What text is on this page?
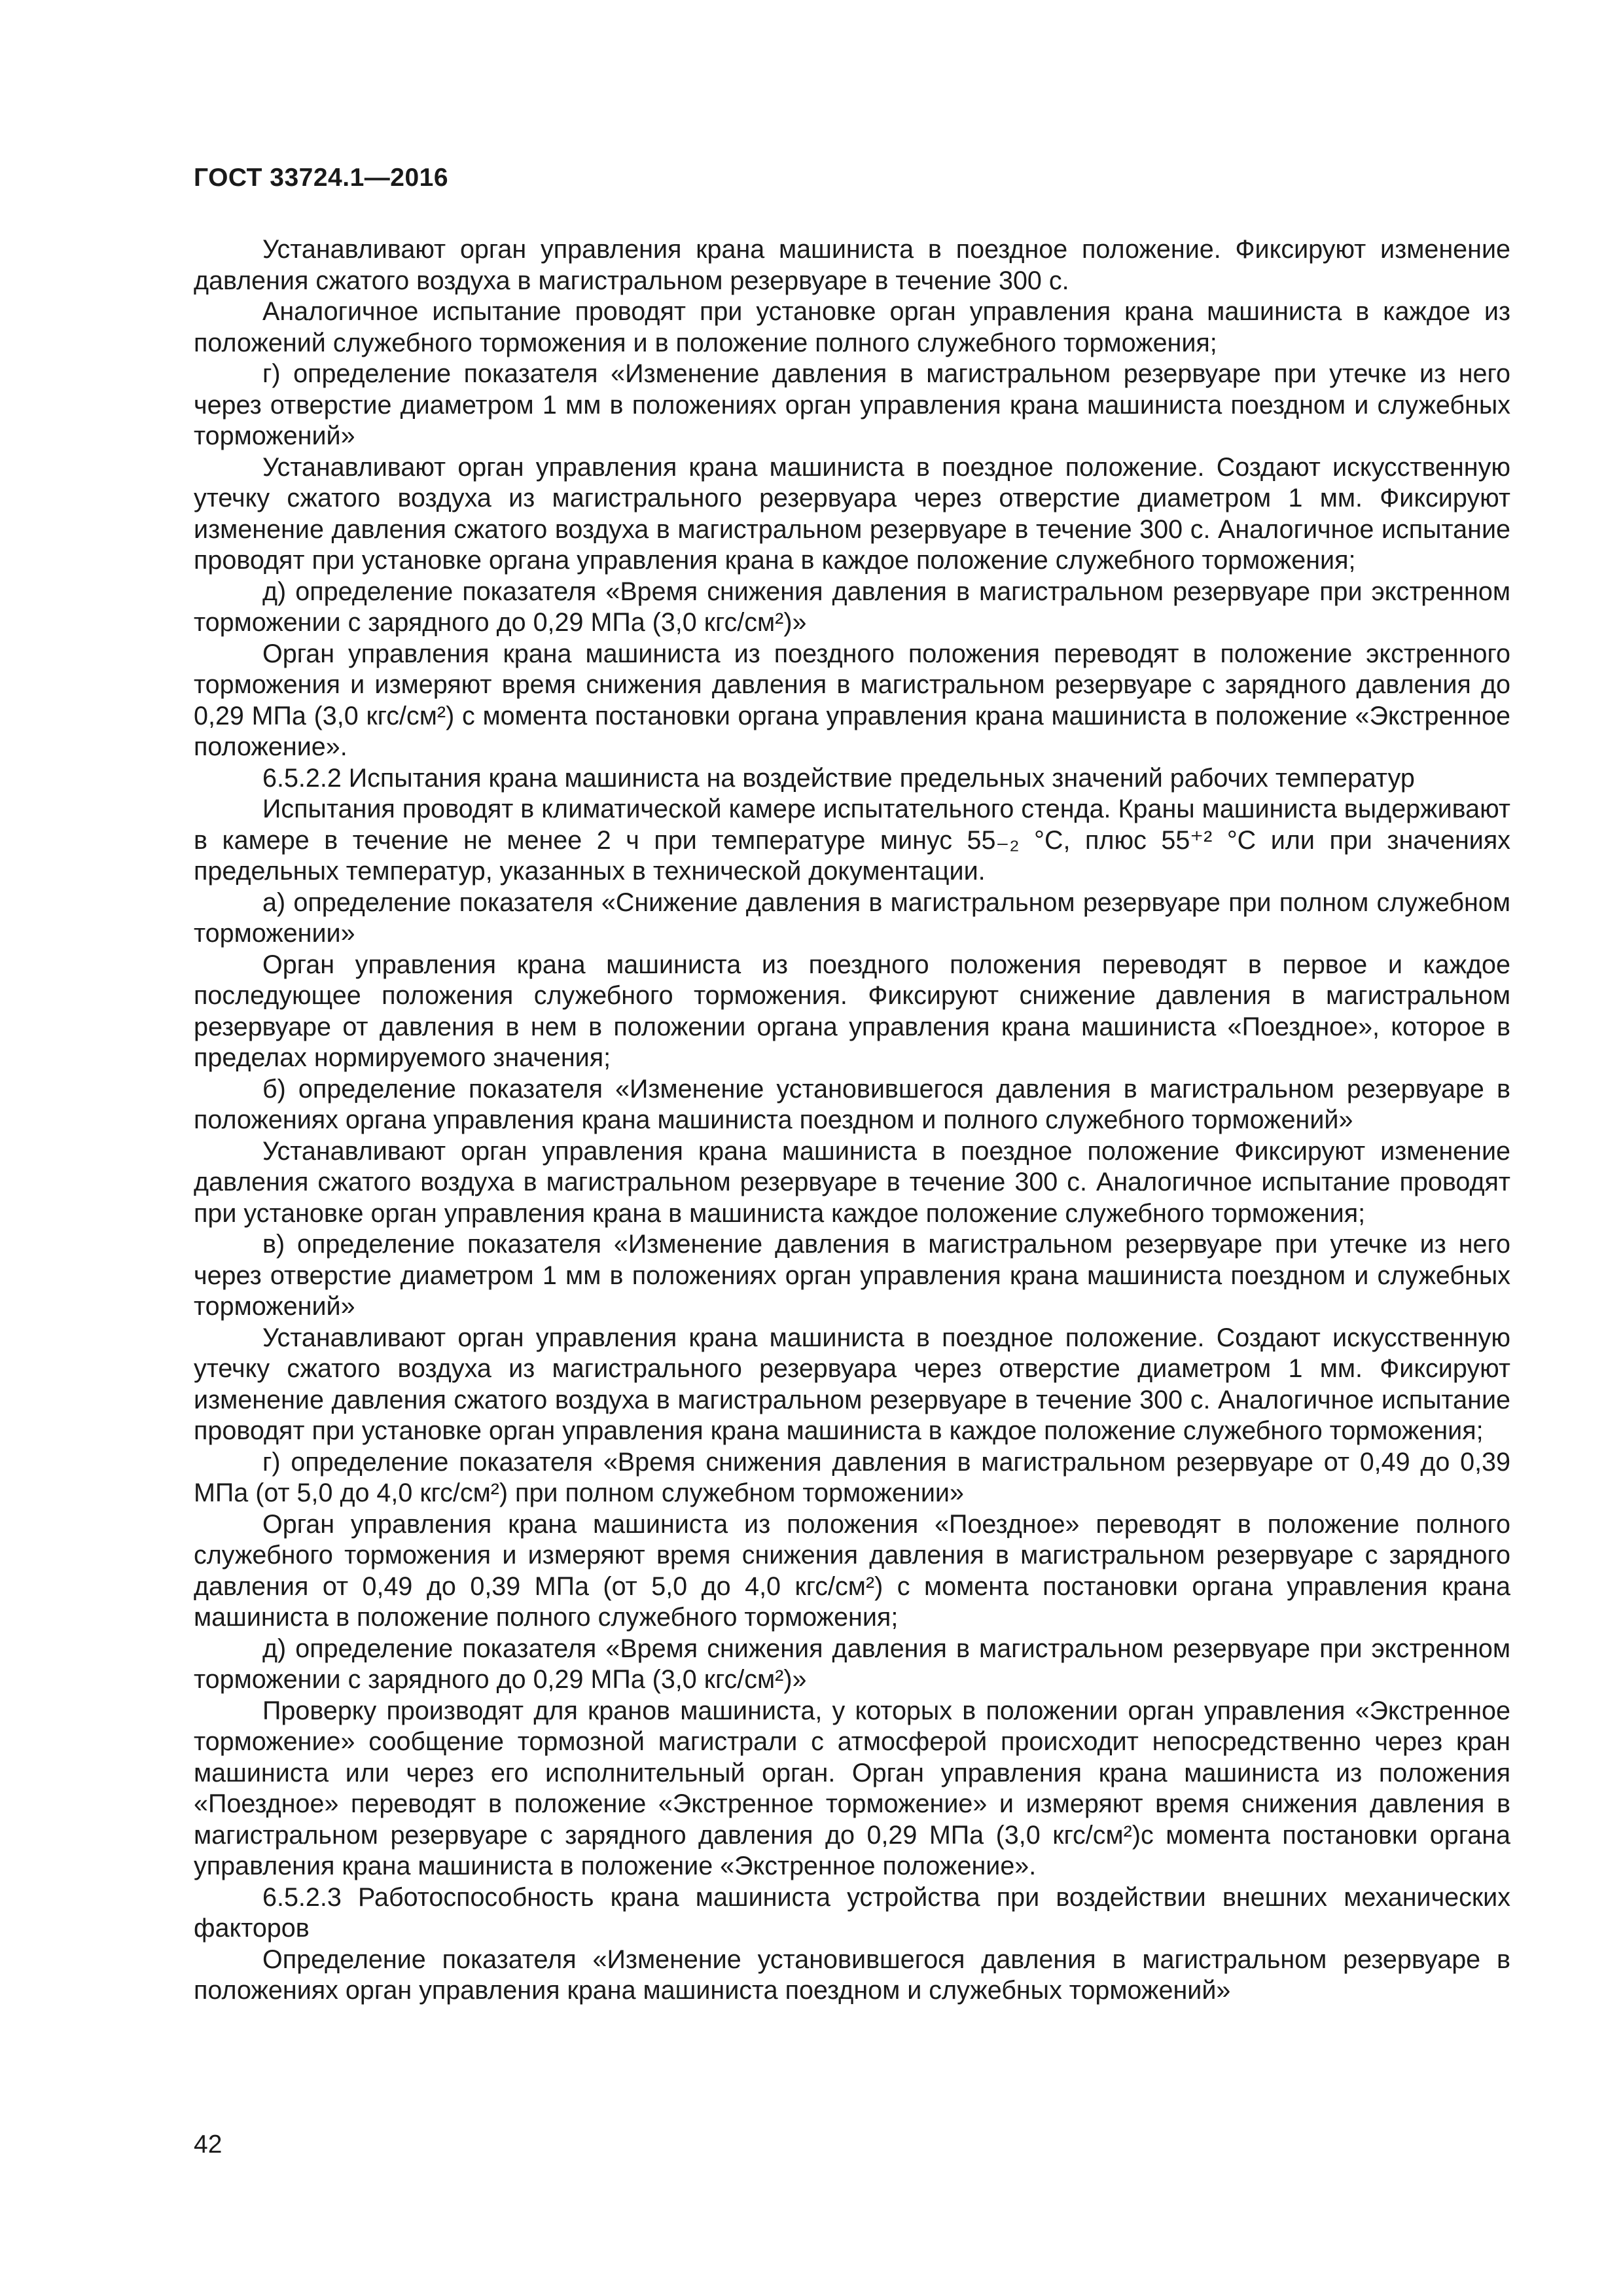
ГОСТ 33724.1—2016

Устанавливают орган управления крана машиниста в поездное положение. Фиксируют изменение давления сжатого воздуха в магистральном резервуаре в течение 300 с.

Аналогичное испытание проводят при установке орган управления крана машиниста в каждое из положений служебного торможения и в положение полного служебного торможения;

г) определение показателя «Изменение давления в магистральном резервуаре при утечке из него через отверстие диаметром 1 мм в положениях орган управления крана машиниста поездном и служебных торможений»

Устанавливают орган управления крана машиниста в поездное положение. Создают искусственную утечку сжатого воздуха из магистрального резервуара через отверстие диаметром 1 мм. Фиксируют изменение давления сжатого воздуха в магистральном резервуаре в течение 300 с. Аналогичное испытание проводят при установке органа управления крана в каждое положение служебного торможения;

д) определение показателя «Время снижения давления в магистральном резервуаре при экстренном торможении с зарядного до 0,29 МПа (3,0 кгс/см²)»

Орган управления крана машиниста из поездного положения переводят в положение экстренного торможения и измеряют время снижения давления в магистральном резервуаре с зарядного давления до 0,29 МПа (3,0 кгс/см²) с момента постановки органа управления крана машиниста в положение «Экстренное положение».

6.5.2.2 Испытания крана машиниста на воздействие предельных значений рабочих температур

Испытания проводят в климатической камере испытательного стенда. Краны машиниста выдерживают в камере в течение не менее 2 ч при температуре минус 55₋₂ °С, плюс 55⁺² °С или при значениях предельных температур, указанных в технической документации.

а) определение показателя «Снижение давления в магистральном резервуаре при полном служебном торможении»

Орган управления крана машиниста из поездного положения переводят в первое и каждое последующее положения служебного торможения. Фиксируют снижение давления в магистральном резервуаре от давления в нем в положении органа управления крана машиниста «Поездное», которое в пределах нормируемого значения;

б) определение показателя «Изменение установившегося давления в магистральном резервуаре в положениях органа управления крана машиниста поездном и полного служебного торможений»

Устанавливают орган управления крана машиниста в поездное положение Фиксируют изменение давления сжатого воздуха в магистральном резервуаре в течение 300 с. Аналогичное испытание проводят при установке орган управления крана в машиниста каждое положение служебного торможения;

в) определение показателя «Изменение давления в магистральном резервуаре при утечке из него через отверстие диаметром 1 мм в положениях орган управления крана машиниста поездном и служебных торможений»

Устанавливают орган управления крана машиниста в поездное положение. Создают искусственную утечку сжатого воздуха из магистрального резервуара через отверстие диаметром 1 мм. Фиксируют изменение давления сжатого воздуха в магистральном резервуаре в течение 300 с. Аналогичное испытание проводят при установке орган управления крана машиниста в каждое положение служебного торможения;

г) определение показателя «Время снижения давления в магистральном резервуаре от 0,49 до 0,39 МПа (от 5,0 до 4,0 кгс/см²) при полном служебном торможении»

Орган управления крана машиниста из положения «Поездное» переводят в положение полного служебного торможения и измеряют время снижения давления в магистральном резервуаре с зарядного давления от 0,49 до 0,39 МПа (от 5,0 до 4,0 кгс/см²) с момента постановки органа управления крана машиниста в положение полного служебного торможения;

д) определение показателя «Время снижения давления в магистральном резервуаре при экстренном торможении с зарядного до 0,29 МПа (3,0 кгс/см²)»

Проверку производят для кранов машиниста, у которых в положении орган управления «Экстренное торможение» сообщение тормозной магистрали с атмосферой происходит непосредственно через кран машиниста или через его исполнительный орган. Орган управления крана машиниста из положения «Поездное» переводят в положение «Экстренное торможение» и измеряют время снижения давления в магистральном резервуаре с зарядного давления до 0,29 МПа (3,0 кгс/см²)с момента постановки органа управления крана машиниста в положение «Экстренное положение».

6.5.2.3 Работоспособность крана машиниста устройства при воздействии внешних механических факторов

Определение показателя «Изменение установившегося давления в магистральном резервуаре в положениях орган управления крана машиниста поездном и служебных торможений»

42
